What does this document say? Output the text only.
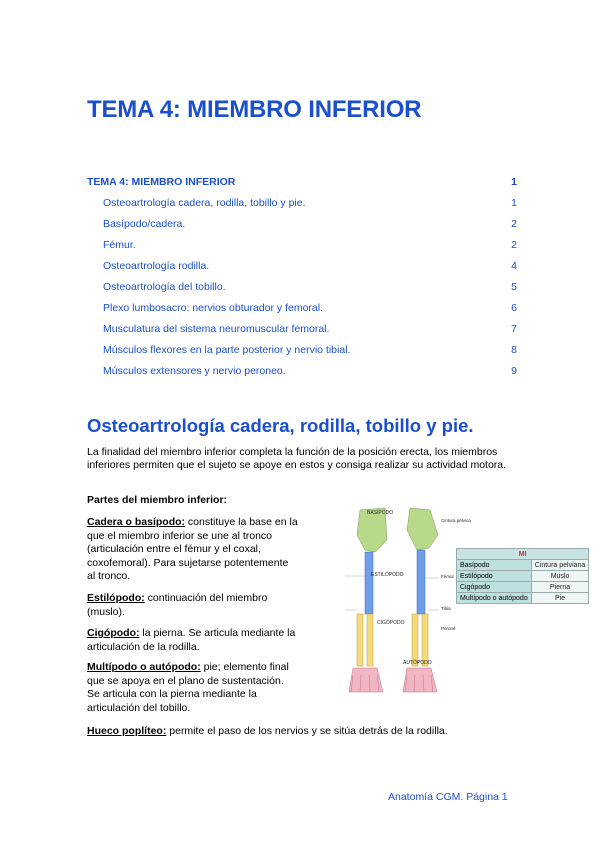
TEMA 4: MIEMBRO INFERIOR
TEMA 4: MIEMBRO INFERIOR	1
Osteoartrología cadera, rodilla, tobillo y pie.	1
Basípodo/cadera.	2
Fémur.	2
Osteoartrología rodilla.	4
Osteoartrología del tobillo.	5
Plexo lumbosacro: nervios obturador y femoral.	6
Musculatura del sistema neuromuscular femoral.	7
Músculos flexores en la parte posterior y nervio tibial.	8
Músculos extensores y nervio peroneo.	9
Osteoartrología cadera, rodilla, tobillo y pie.

La finalidad del miembro inferior completa la función de la posición erecta, los miembros inferiores permiten que el sujeto se apoye en estos y consiga realizar su actividad motora.

Partes del miembro inferior:
Cadera o basípodo: constituye la base en la que el miembro inferior se une al tronco (articulación entre el fémur y el coxal, coxofemoral). Para sujetarse potentemente al tronco.
Estilópodo: continuación del miembro (muslo).
Cigópodo: la pierna. Se articula mediante la articulación de la rodilla.
Multípodo o autópodo: pie; elemento final que se apoya en el plano de sustentación. Se articula con la pierna mediante la articulación del tobillo.
Hueco poplíteo: permite el paso de los nervios y se sitúa detrás de la rodilla.
BASÍPODO
ESTILÓPODO
CIGÓPODO
AUTÓPODO
Cintura pélvica
Fémur
Tibia
Peroné
MI	
Basípodo	Cintura pelviana
Estilópodo	Muslo
Cigópodo	Pierna
Multípodo o autópodo	Pie
Anatomía CGM. Página 1
